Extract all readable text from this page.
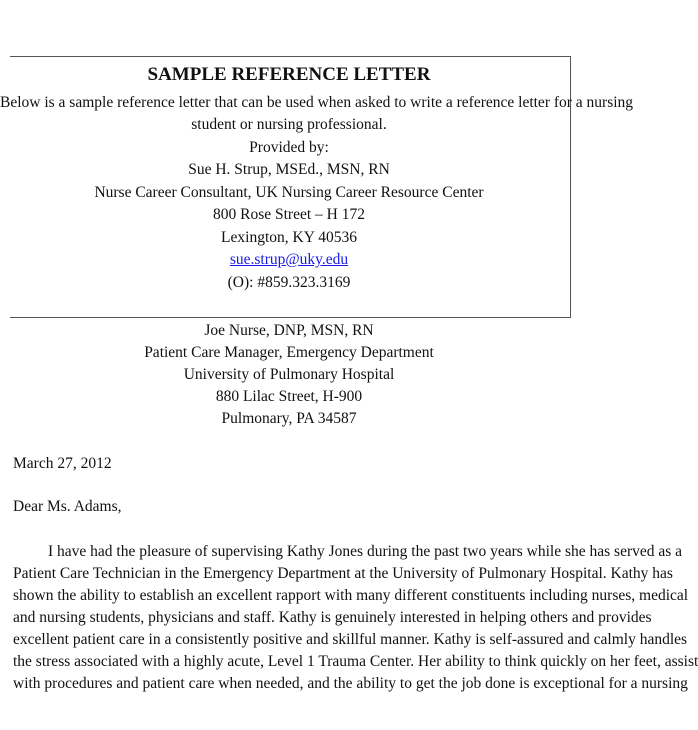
SAMPLE REFERENCE LETTER
Below is a sample reference letter that can be used when asked to write a reference letter for a nursing
student or nursing professional.
Provided by:
Sue H. Strup, MSEd., MSN, RN
Nurse Career Consultant, UK Nursing Career Resource Center
800 Rose Street – H 172
Lexington, KY 40536
sue.strup@uky.edu
(O): #859.323.3169
Joe Nurse, DNP, MSN, RN
Patient Care Manager, Emergency Department
University of Pulmonary Hospital
880 Lilac Street, H-900
Pulmonary, PA 34587
March 27, 2012
Dear Ms. Adams,
I have had the pleasure of supervising Kathy Jones during the past two years while she has served as a
Patient Care Technician in the Emergency Department at the University of Pulmonary Hospital. Kathy has
shown the ability to establish an excellent rapport with many different constituents including nurses, medical
and nursing students, physicians and staff. Kathy is genuinely interested in helping others and provides
excellent patient care in a consistently positive and skillful manner. Kathy is self-assured and calmly handles
the stress associated with a highly acute, Level 1 Trauma Center. Her ability to think quickly on her feet, assist
with procedures and patient care when needed, and the ability to get the job done is exceptional for a nursing
